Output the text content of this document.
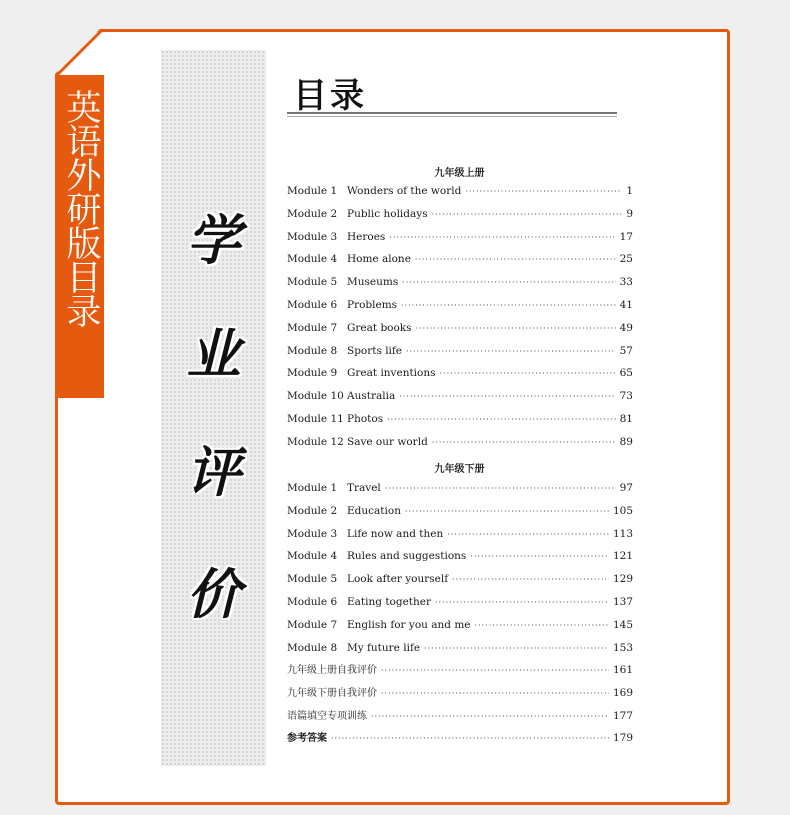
英语外研版目录	学
业
评
价
目录
九年级上册
九年级下册
Module 1 Wonders of the world ·····	1
Module 2 Public holidays ·····	9
Module 3 Heroes ·····	17
Module 4 Home alone ·····	25
Module 5 Museums ·····	33
Module 6 Problems ·····	41
Module 7 Great books ·····	49
Module 8 Sports life ·····	57
Module 9 Great inventions ·····	65
Module 10 Australia ·····	73
Module 11 Photos ·····	81
Module 12 Save our world ·····	89
Module 1 Travel ·····	97
Module 2 Education ·····	105
Module 3 Life now and then ·····	113
Module 4 Rules and suggestions ·····	121
Module 5 Look after yourself ·····	129
Module 6 Eating together ·····	137
Module 7 English for you and me ·····	145
Module 8 My future life ·····	153
九年级上册自我评价 ·····	161
九年级下册自我评价 ·····	169
语篇填空专项训练 ·····	177
参考答案 ·····	179
